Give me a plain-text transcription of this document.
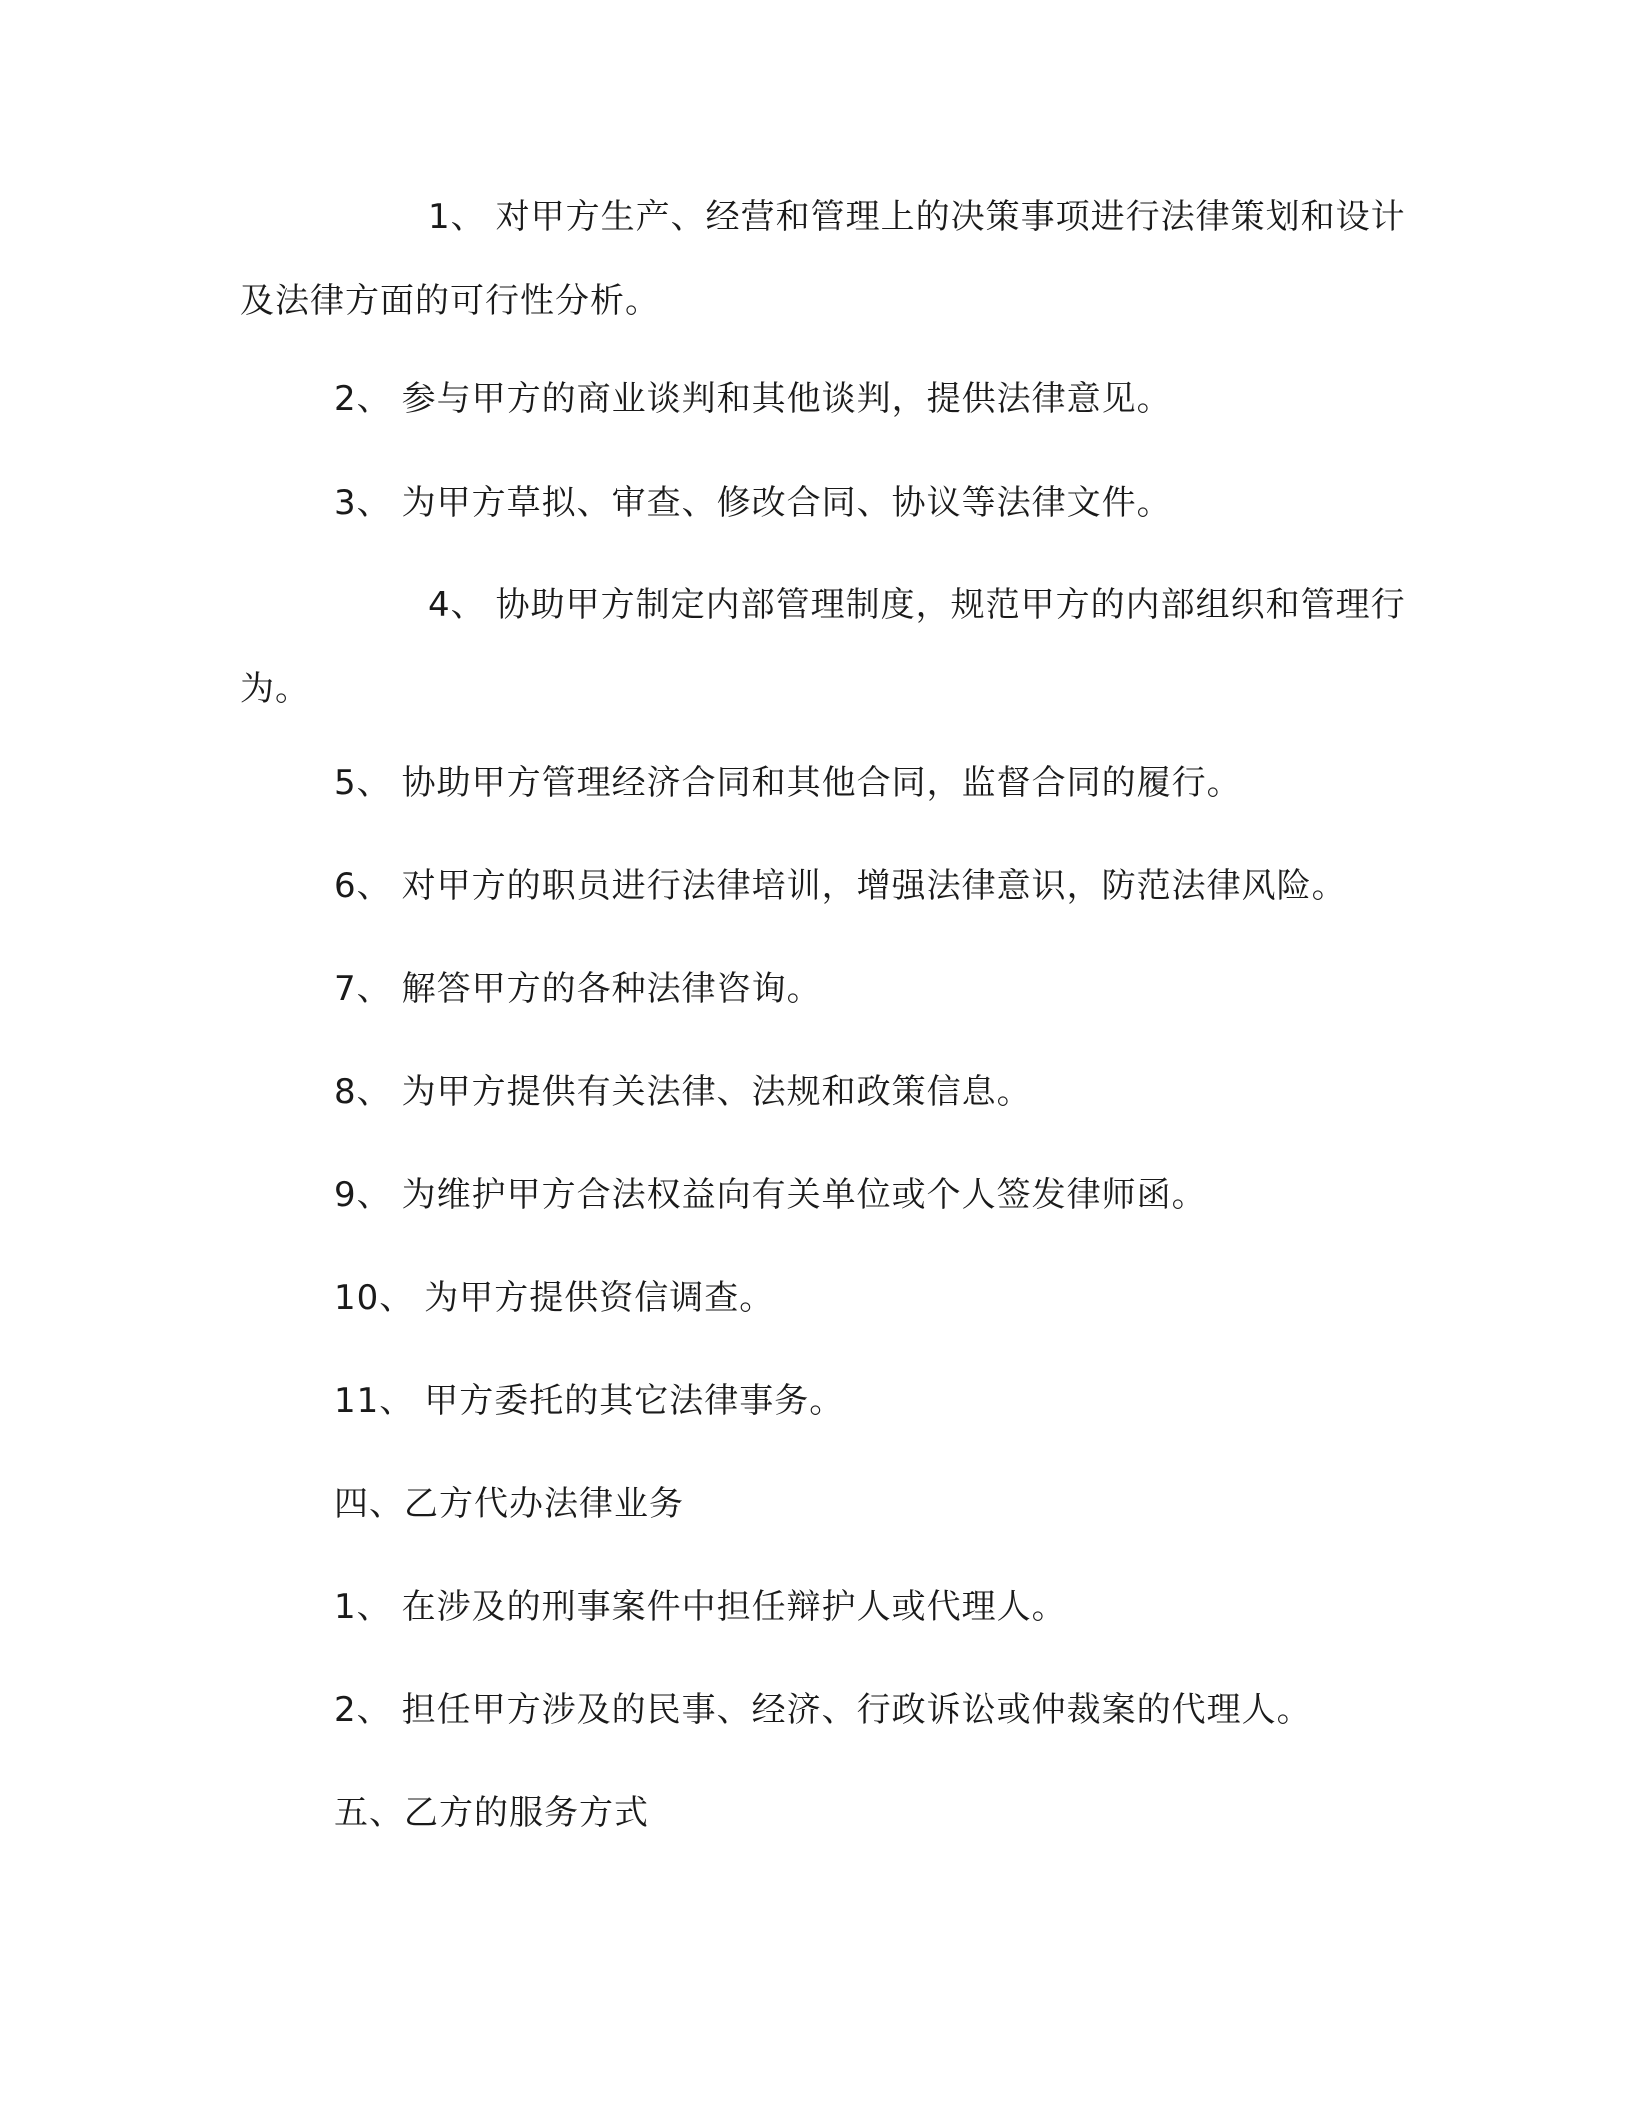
1、 对甲方生产、经营和管理上的决策事项进行法律策划和设计及法律方面的可行性分析。

2、 参与甲方的商业谈判和其他谈判，提供法律意见。

3、 为甲方草拟、审查、修改合同、协议等法律文件。

4、 协助甲方制定内部管理制度，规范甲方的内部组织和管理行为。

5、 协助甲方管理经济合同和其他合同，监督合同的履行。

6、 对甲方的职员进行法律培训，增强法律意识，防范法律风险。

7、 解答甲方的各种法律咨询。

8、 为甲方提供有关法律、法规和政策信息。

9、 为维护甲方合法权益向有关单位或个人签发律师函。

10、 为甲方提供资信调查。

11、 甲方委托的其它法律事务。

四、乙方代办法律业务

1、 在涉及的刑事案件中担任辩护人或代理人。

2、 担任甲方涉及的民事、经济、行政诉讼或仲裁案的代理人。

五、乙方的服务方式
